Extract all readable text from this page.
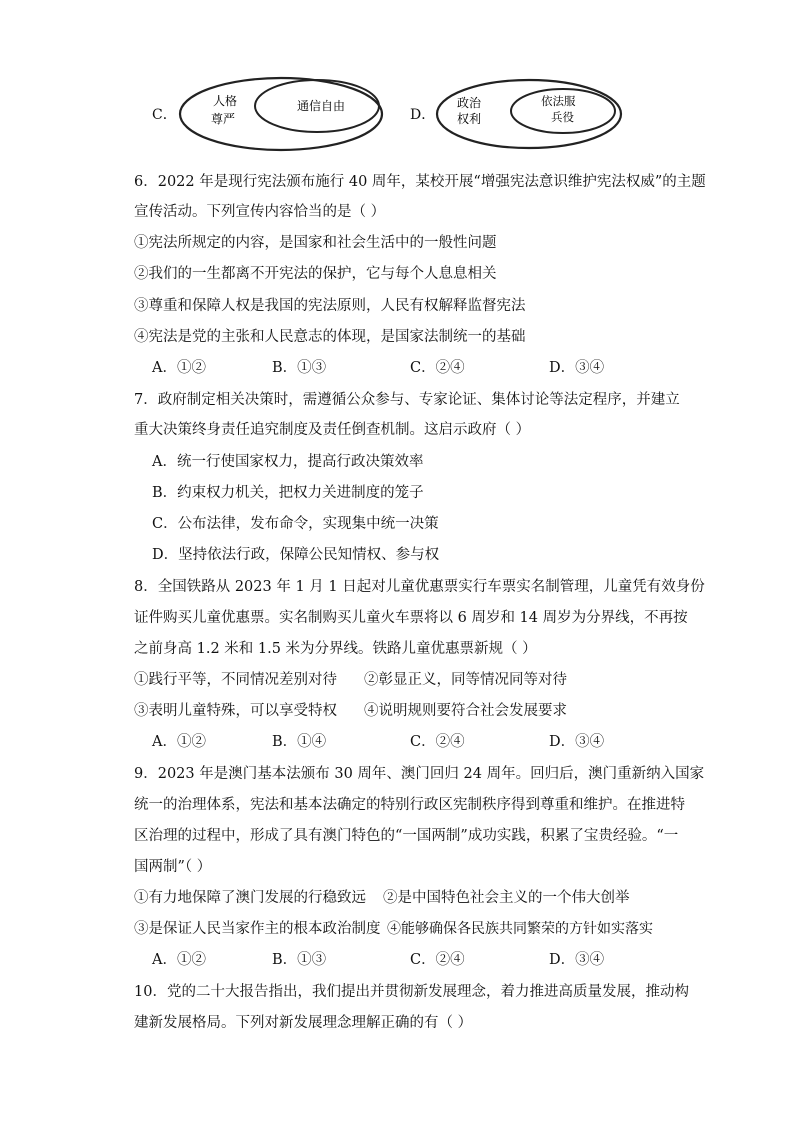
C．
人格
尊严
通信自由
D．
政治
权利
依法服
兵役
6．2022 年是现行宪法颁布施行 40 周年，某校开展“增强宪法意识维护宪法权威”的主题
宣传活动。下列宣传内容恰当的是（ ）
①宪法所规定的内容，是国家和社会生活中的一般性问题
②我们的一生都离不开宪法的保护，它与每个人息息相关
③尊重和保障人权是我国的宪法原则，人民有权解释监督宪法
④宪法是党的主张和人民意志的体现，是国家法制统一的基础
A．①②	B．①③	C．②④	D．③④
7．政府制定相关决策时，需遵循公众参与、专家论证、集体讨论等法定程序，并建立
重大决策终身责任追究制度及责任倒查机制。这启示政府（ ）
A．统一行使国家权力，提高行政决策效率
B．约束权力机关，把权力关进制度的笼子
C．公布法律，发布命令，实现集中统一决策
D．坚持依法行政，保障公民知情权、参与权
8．全国铁路从 2023 年 1 月 1 日起对儿童优惠票实行车票实名制管理，儿童凭有效身份
证件购买儿童优惠票。实名制购买儿童火车票将以 6 周岁和 14 周岁为分界线，不再按
之前身高 1.2 米和 1.5 米为分界线。铁路儿童优惠票新规（ ）
①践行平等，不同情况差别对待 ②彰显正义，同等情况同等对待
③表明儿童特殊，可以享受特权 ④说明规则要符合社会发展要求
A．①②	B．①④	C．②④	D．③④
9．2023 年是澳门基本法颁布 30 周年、澳门回归 24 周年。回归后，澳门重新纳入国家
统一的治理体系，宪法和基本法确定的特别行政区宪制秩序得到尊重和维护。在推进特
区治理的过程中，形成了具有澳门特色的“一国两制”成功实践，积累了宝贵经验。“一
国两制”（ ）
①有力地保障了澳门发展的行稳致远 ②是中国特色社会主义的一个伟大创举
③是保证人民当家作主的根本政治制度 ④能够确保各民族共同繁荣的方针如实落实
A．①②	B．①③	C．②④	D．③④
10．党的二十大报告指出，我们提出并贯彻新发展理念，着力推进高质量发展，推动构
建新发展格局。下列对新发展理念理解正确的有（ ）
